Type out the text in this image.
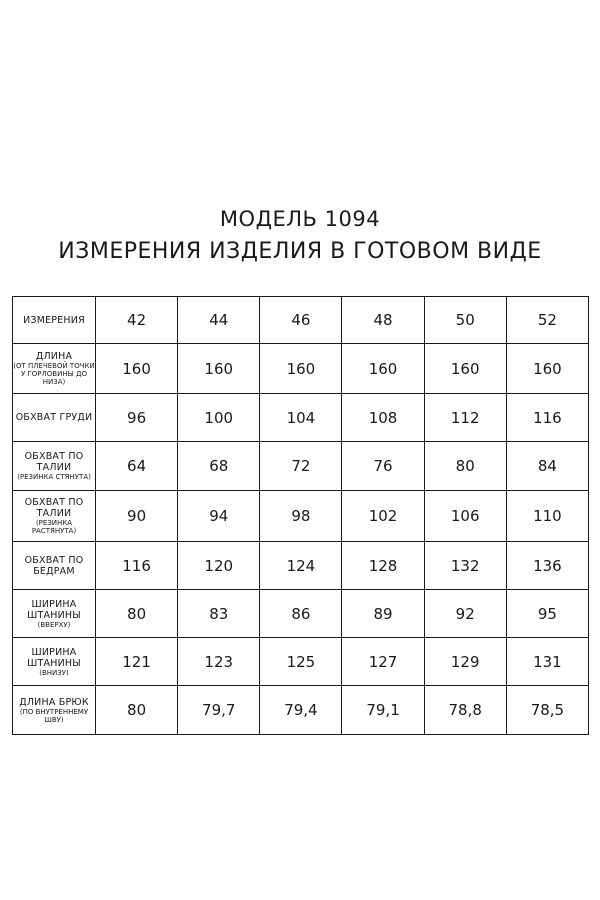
МОДЕЛЬ 1094
ИЗМЕРЕНИЯ ИЗДЕЛИЯ В ГОТОВОМ ВИДЕ
ИЗМЕРЕНИЯ	42	44	46	48	50	52

ДЛИНА
(ОТ ПЛЕЧЕВОЙ ТОЧКИ У ГОРЛОВИНЫ ДО НИЗА)	160	160	160	160	160	160

ОБХВАТ ГРУДИ	96	100	104	108	112	116

ОБХВАТ ПО ТАЛИИ
(РЕЗИНКА СТЯНУТА)	64	68	72	76	80	84

ОБХВАТ ПО ТАЛИИ
(РЕЗИНКА РАСТЯНУТА)	90	94	98	102	106	110

ОБХВАТ ПО БЕДРАМ	116	120	124	128	132	136

ШИРИНА ШТАНИНЫ
(ВВЕРХУ)	80	83	86	89	92	95

ШИРИНА ШТАНИНЫ
(ВНИЗУ)	121	123	125	127	129	131

ДЛИНА БРЮК
(ПО ВНУТРЕННЕМУ ШВУ)	80	79,7	79,4	79,1	78,8	78,5
